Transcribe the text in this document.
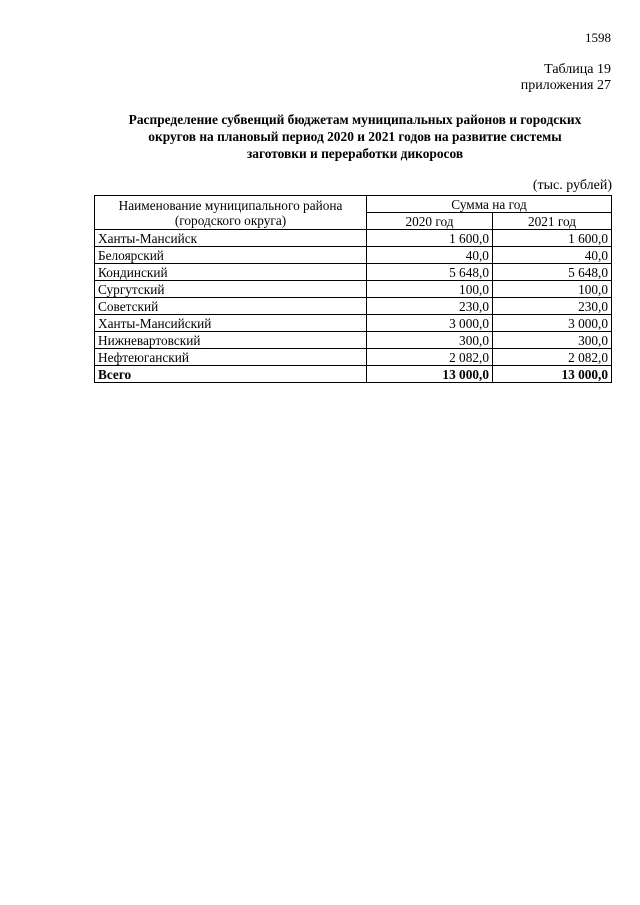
1598
Таблица 19
приложения 27
Распределение субвенций бюджетам муниципальных районов и городских
округов на плановый период 2020 и 2021 годов на развитие системы
заготовки и переработки дикоросов
(тыс. рублей)
Наименование муниципального района
(городского округа)	Сумма на год	
	2020 год	2021 год
Ханты-Мансийск	1 600,0	1 600,0
Белоярский	40,0	40,0
Кондинский	5 648,0	5 648,0
Сургутский	100,0	100,0
Советский	230,0	230,0
Ханты-Мансийский	3 000,0	3 000,0
Нижневартовский	300,0	300,0
Нефтеюганский	2 082,0	2 082,0
Всего	13 000,0	13 000,0
